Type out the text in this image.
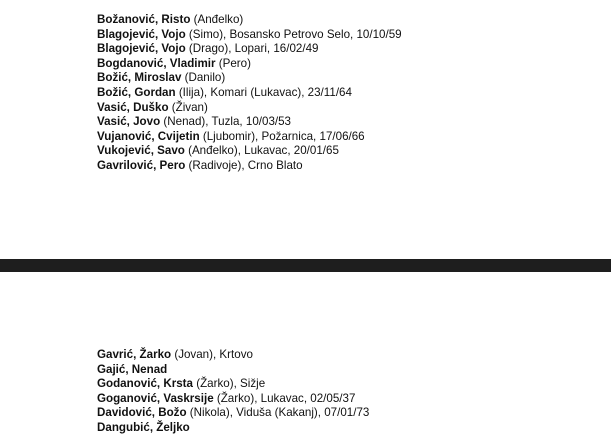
Božanović, Risto (Anđelko)
Blagojević, Vojo (Simo), Bosansko Petrovo Selo, 10/10/59
Blagojević, Vojo (Drago), Lopari, 16/02/49
Bogdanović, Vladimir (Pero)
Božić, Miroslav (Danilo)
Božić, Gordan (Ilija), Komari (Lukavac), 23/11/64
Vasić, Duško (Živan)
Vasić, Jovo (Nenad), Tuzla, 10/03/53
Vujanović, Cvijetin (Ljubomir), Požarnica, 17/06/66
Vukojević, Savo (Anđelko), Lukavac, 20/01/65
Gavrilović, Pero (Radivoje), Crno Blato
Gavrić, Žarko (Jovan), Krtovo
Gajić, Nenad
Godanović, Krsta (Žarko), Sižje
Goganović, Vaskrsije (Žarko), Lukavac, 02/05/37
Davidović, Božo (Nikola), Viduša (Kakanj), 07/01/73
Dangubić, Željko
